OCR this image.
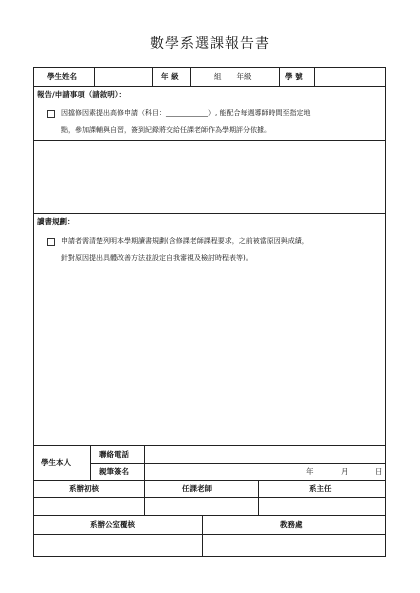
數學系選課報告書
學生姓名	年 級	組　　年級	學 號
報告/申請事項（請敘明）：
因擋修因素提出高修申請（科目：____________）, 能配合每週導師時間至指定地
點，參加課輔與自習，簽到紀錄將交給任課老師作為學期評分依據。
讀書規劃：
申請者需清楚列明本學期讀書規劃(含修課老師課程要求，之前被當原因與成績，
針對原因提出具體改善方法並設定自我審視及檢討時程表等)。
學生本人
聯絡電話
親筆簽名	年	月	日
系辦初核	任課老師	系主任
系辦公室覆核	教務處
